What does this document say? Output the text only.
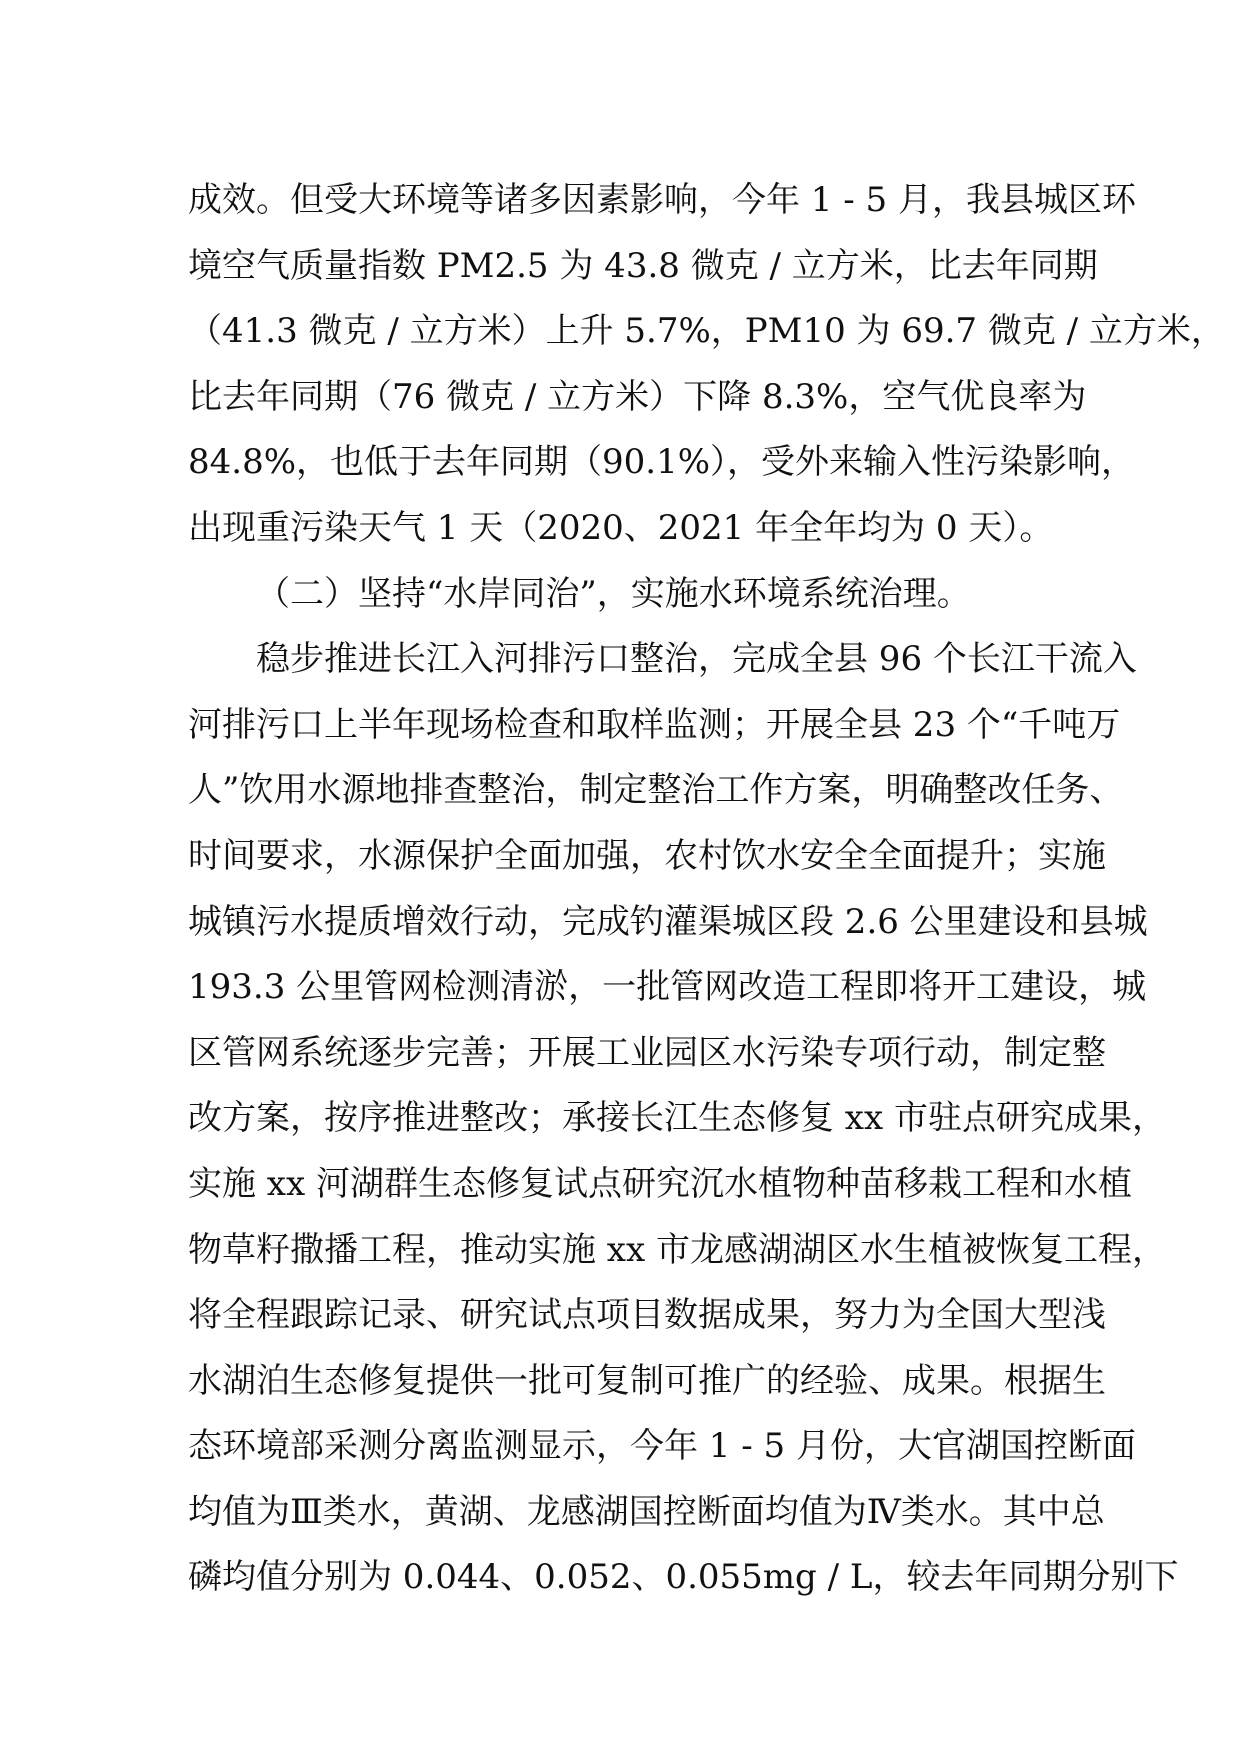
成效。但受大环境等诸多因素影响，今年 1 - 5 月，我县城区环
境空气质量指数 PM2.5 为 43.8 微克 / 立方米，比去年同期
（41.3 微克 / 立方米）上升 5.7%，PM10 为 69.7 微克 / 立方米，
比去年同期（76 微克 / 立方米）下降 8.3%，空气优良率为
84.8%，也低于去年同期（90.1%），受外来输入性污染影响，
出现重污染天气 1 天（2020、2021 年全年均为 0 天）。
（二）坚持“水岸同治”，实施水环境系统治理。
稳步推进长江入河排污口整治，完成全县 96 个长江干流入
河排污口上半年现场检查和取样监测；开展全县 23 个“千吨万
人”饮用水源地排查整治，制定整治工作方案，明确整改任务、
时间要求，水源保护全面加强，农村饮水安全全面提升；实施
城镇污水提质增效行动，完成钓灌渠城区段 2.6 公里建设和县城
193.3 公里管网检测清淤，一批管网改造工程即将开工建设，城
区管网系统逐步完善；开展工业园区水污染专项行动，制定整
改方案，按序推进整改；承接长江生态修复 xx 市驻点研究成果，
实施 xx 河湖群生态修复试点研究沉水植物种苗移栽工程和水植
物草籽撒播工程，推动实施 xx 市龙感湖湖区水生植被恢复工程，
将全程跟踪记录、研究试点项目数据成果，努力为全国大型浅
水湖泊生态修复提供一批可复制可推广的经验、成果。根据生
态环境部采测分离监测显示，今年 1 - 5 月份，大官湖国控断面
均值为Ⅲ类水，黄湖、龙感湖国控断面均值为Ⅳ类水。其中总
磷均值分别为 0.044、0.052、0.055mg / L，较去年同期分别下
